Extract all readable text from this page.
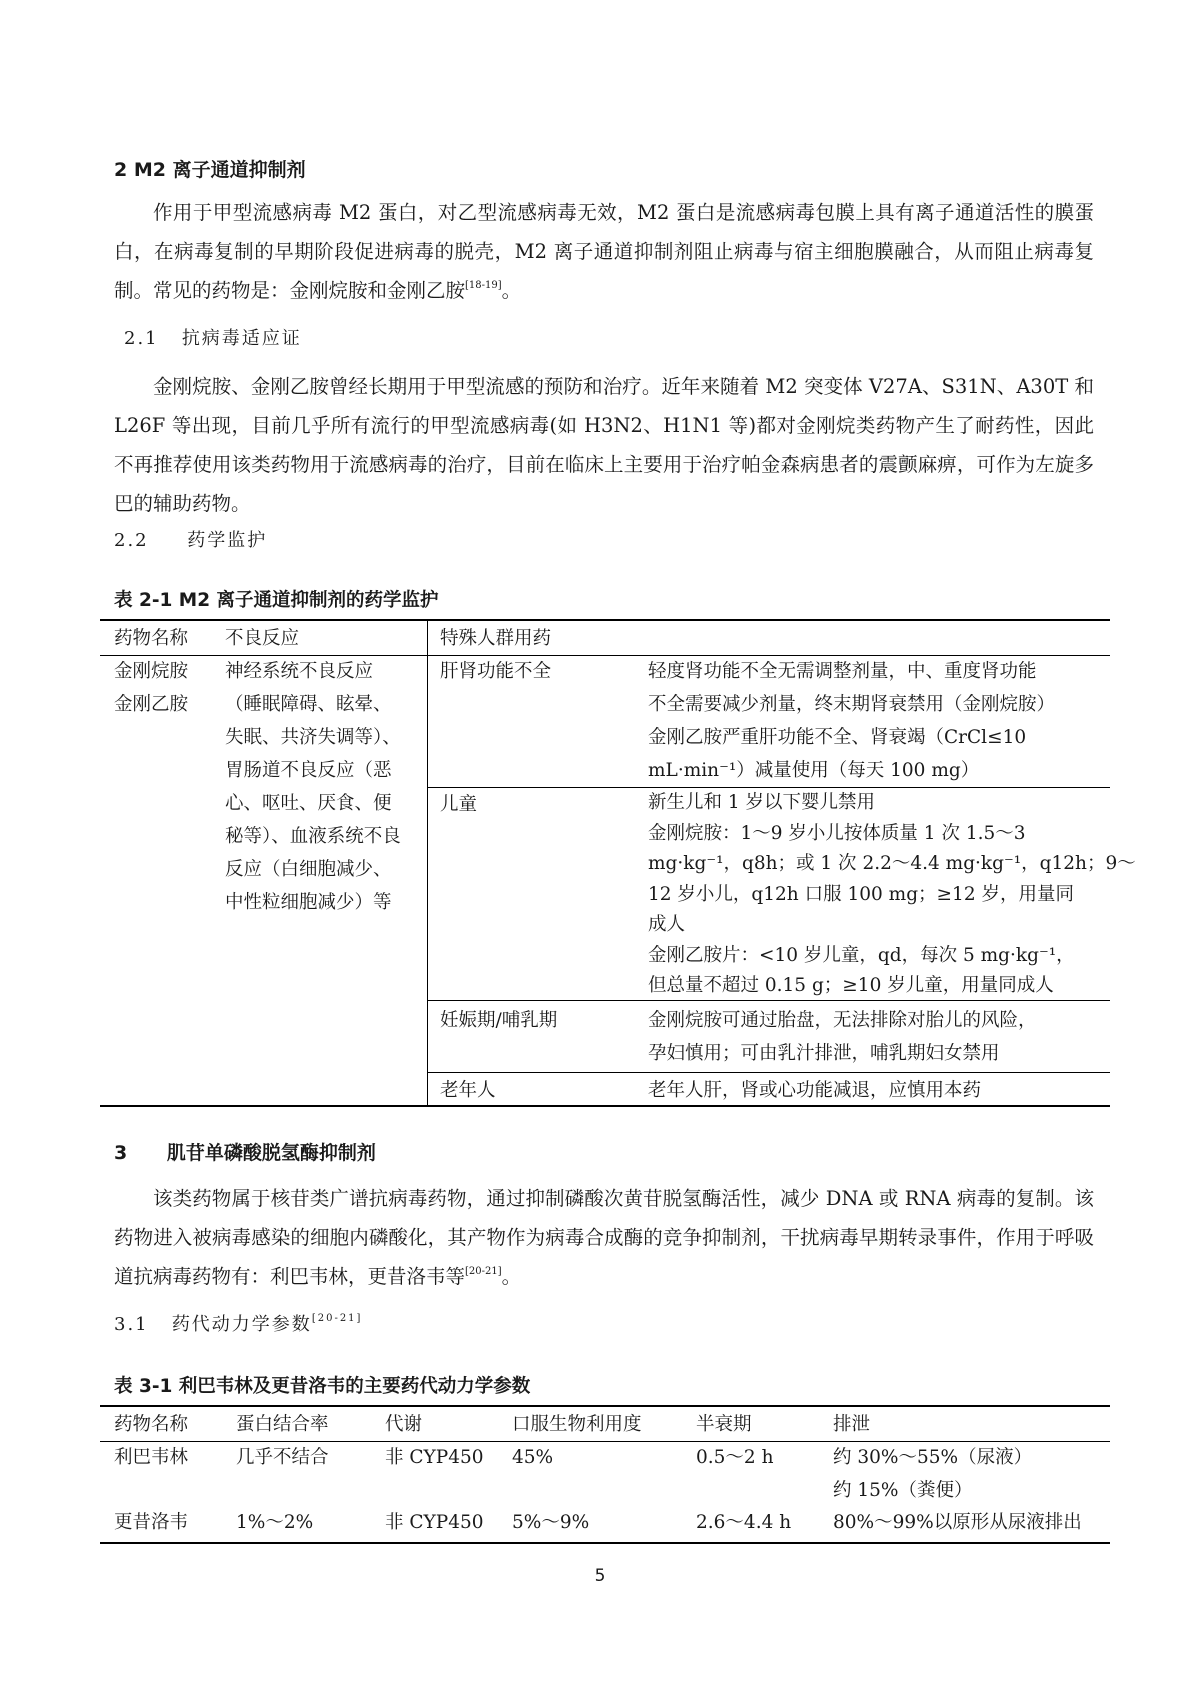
2 M2 离子通道抑制剂

作用于甲型流感病毒 M2 蛋白，对乙型流感病毒无效，M2 蛋白是流感病毒包膜上具有离子通道活性的膜蛋白，在病毒复制的早期阶段促进病毒的脱壳，M2 离子通道抑制剂阻止病毒与宿主细胞膜融合，从而阻止病毒复制。常见的药物是：金刚烷胺和金刚乙胺[18-19]。

2.1 抗病毒适应证

金刚烷胺、金刚乙胺曾经长期用于甲型流感的预防和治疗。近年来随着 M2 突变体 V27A、S31N、A30T 和 L26F 等出现，目前几乎所有流行的甲型流感病毒(如 H3N2、H1N1 等)都对金刚烷类药物产生了耐药性，因此不再推荐使用该类药物用于流感病毒的治疗，目前在临床上主要用于治疗帕金森病患者的震颤麻痹，可作为左旋多巴的辅助药物。

2.2 药学监护
表 2-1 M2 离子通道抑制剂的药学监护
药物名称 不良反应	特殊人群用药
金刚烷胺
金刚乙胺
神经系统不良反应
（睡眠障碍、眩晕、
失眠、共济失调等）、
胃肠道不良反应（恶
心、呕吐、厌食、便
秘等）、血液系统不良
反应（白细胞减少、
中性粒细胞减少）等
肝肾功能不全	轻度肾功能不全无需调整剂量，中、重度肾功能
不全需要减少剂量，终末期肾衰禁用（金刚烷胺）
金刚乙胺严重肝功能不全、肾衰竭（CrCl≤10
mL·min⁻¹）减量使用（每天 100 mg）
儿童	新生儿和 1 岁以下婴儿禁用
金刚烷胺：1～9 岁小儿按体质量 1 次 1.5～3
mg·kg⁻¹，q8h；或 1 次 2.2～4.4 mg·kg⁻¹，q12h；9～
12 岁小儿，q12h 口服 100 mg；≥12 岁，用量同
成人
金刚乙胺片：<10 岁儿童，qd，每次 5 mg·kg⁻¹，
但总量不超过 0.15 g；≥10 岁儿童，用量同成人
妊娠期/哺乳期	金刚烷胺可通过胎盘，无法排除对胎儿的风险，
孕妇慎用；可由乳汁排泄，哺乳期妇女禁用
老年人	老年人肝，肾或心功能减退，应慎用本药
3      肌苷单磷酸脱氢酶抑制剂

该类药物属于核苷类广谱抗病毒药物，通过抑制磷酸次黄苷脱氢酶活性，减少 DNA 或 RNA 病毒的复制。该药物进入被病毒感染的细胞内磷酸化，其产物作为病毒合成酶的竞争抑制剂，干扰病毒早期转录事件，作用于呼吸道抗病毒药物有：利巴韦林，更昔洛韦等[20-21]。

3.1 药代动力学参数[20-21]
表 3-1 利巴韦林及更昔洛韦的主要药代动力学参数
药物名称	蛋白结合率	代谢	口服生物利用度	半衰期	排泄
利巴韦林	几乎不结合	非 CYP450 45%	0.5～2 h	约 30%～55%（尿液）
约 15%（粪便）
更昔洛韦	1%～2%	非 CYP450 5%～9%	2.6～4.4 h 80%～99%以原形从尿液排出
5
